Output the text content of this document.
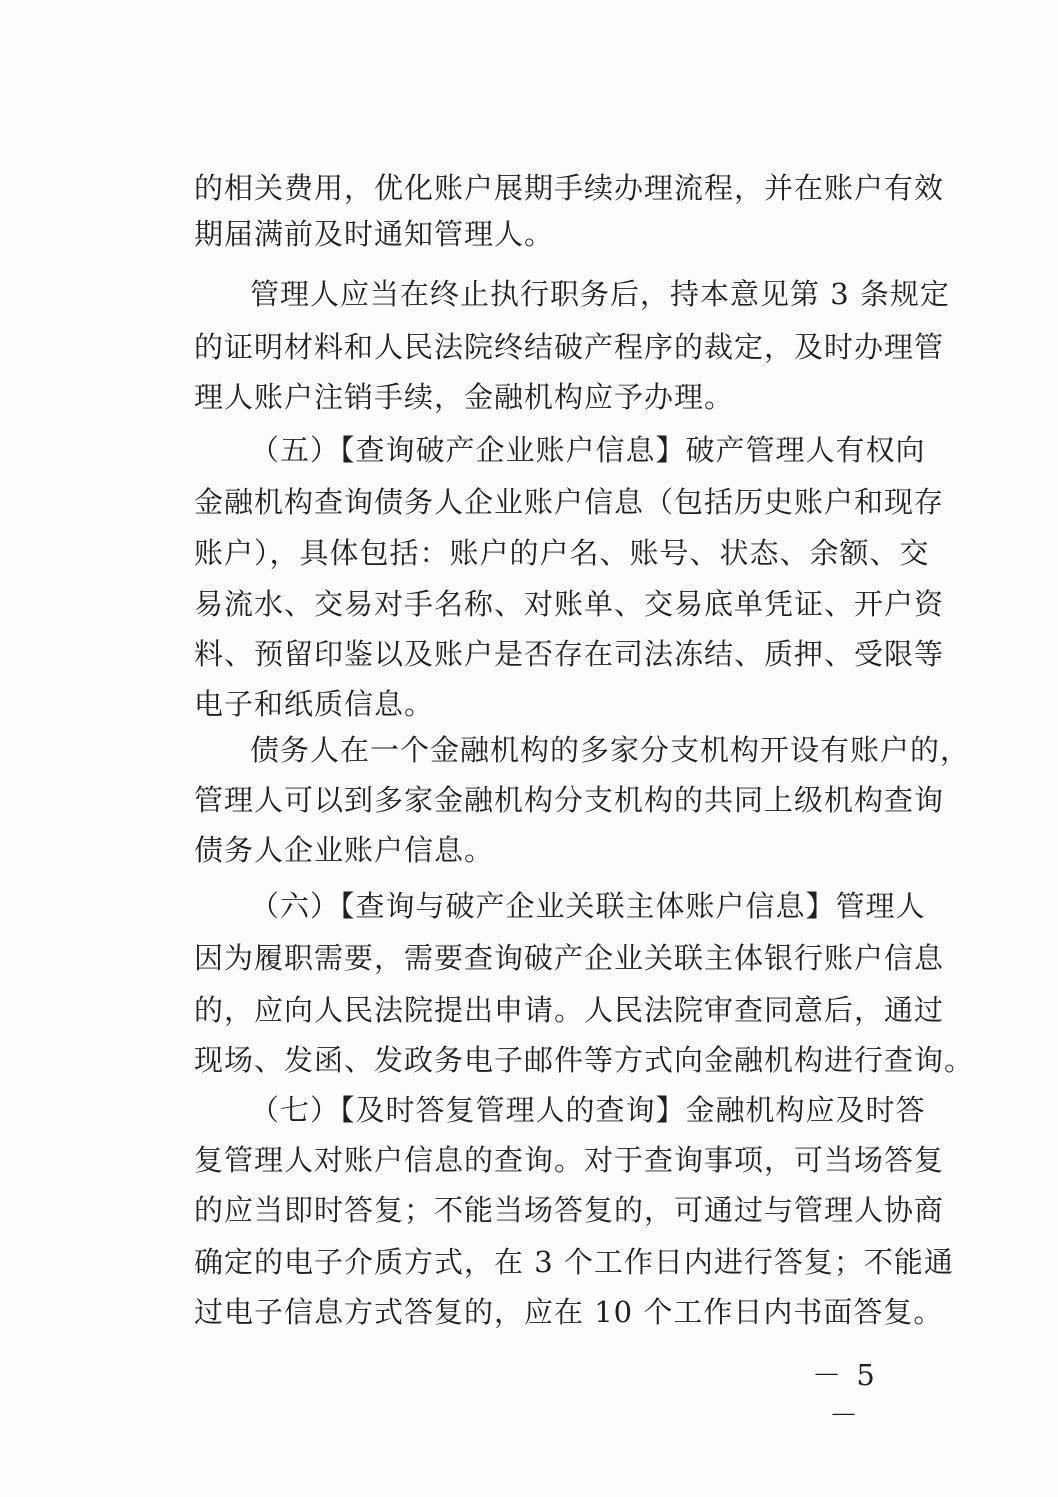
的相关费用，优化账户展期手续办理流程，并在账户有效
期届满前及时通知管理人。
管理人应当在终止执行职务后，持本意见第 3 条规定
的证明材料和人民法院终结破产程序的裁定，及时办理管
理人账户注销手续，金融机构应予办理。
（五）【查询破产企业账户信息】破产管理人有权向
金融机构查询债务人企业账户信息（包括历史账户和现存
账户），具体包括：账户的户名、账号、状态、余额、交
易流水、交易对手名称、对账单、交易底单凭证、开户资
料、预留印鉴以及账户是否存在司法冻结、质押、受限等
电子和纸质信息。
债务人在一个金融机构的多家分支机构开设有账户的，
管理人可以到多家金融机构分支机构的共同上级机构查询
债务人企业账户信息。
（六）【查询与破产企业关联主体账户信息】管理人
因为履职需要，需要查询破产企业关联主体银行账户信息
的，应向人民法院提出申请。人民法院审查同意后，通过
现场、发函、发政务电子邮件等方式向金融机构进行查询。
（七）【及时答复管理人的查询】金融机构应及时答
复管理人对账户信息的查询。对于查询事项，可当场答复
的应当即时答复；不能当场答复的，可通过与管理人协商
确定的电子介质方式，在 3 个工作日内进行答复；不能通
过电子信息方式答复的，应在 10 个工作日内书面答复。
－ 5 －
